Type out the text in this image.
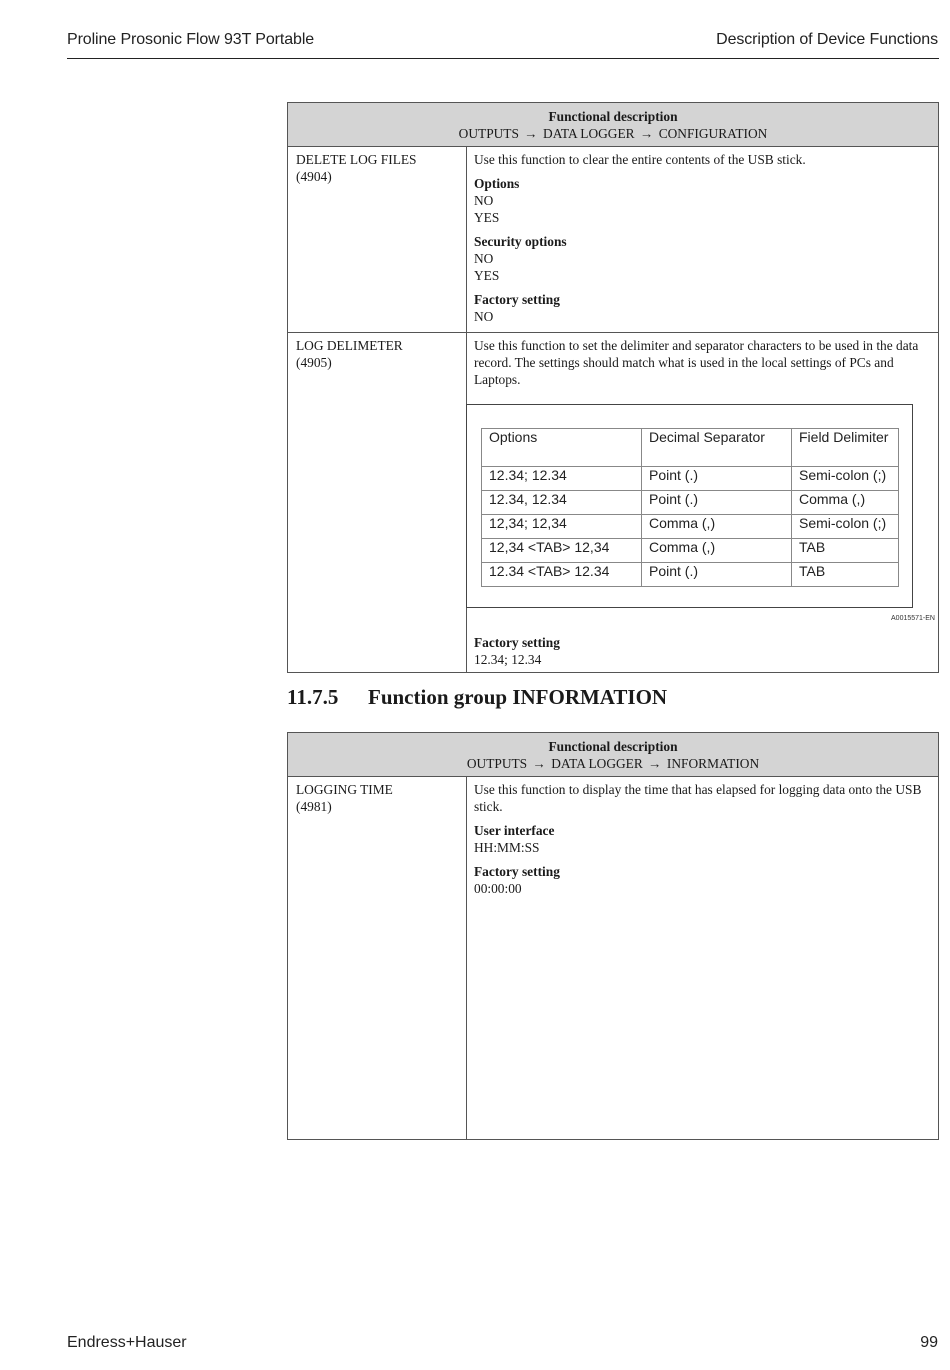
Proline Prosonic Flow 93T Portable	Description of Device Functions
Functional description
OUTPUTS → DATA LOGGER → CONFIGURATION

DELETE LOG FILES
(4904)

Use this function to clear the entire contents of the USB stick.
Options
NO
YES
Security options
NO
YES
Factory setting
NO

LOG DELIMETER
(4905)

Use this function to set the delimiter and separator characters to be used in the data record. The settings should match what is used in the local settings of PCs and Laptops.
Options	Decimal Separator	Field Delimiter
12.34; 12.34	Point (.)	Semi-colon (;)
12.34, 12.34	Point (.)	Comma (,)
12,34; 12,34	Comma (,)	Semi-colon (;)
12,34 <TAB> 12,34	Comma (,)	TAB
12.34 <TAB> 12.34	Point (.)	TAB
A0015571-EN
Factory setting
12.34; 12.34
11.7.5 Function group INFORMATION
Functional description
OUTPUTS → DATA LOGGER → INFORMATION

LOGGING TIME
(4981)

Use this function to display the time that has elapsed for logging data onto the USB stick.
User interface
HH:MM:SS
Factory setting
00:00:00
Endress+Hauser	99
